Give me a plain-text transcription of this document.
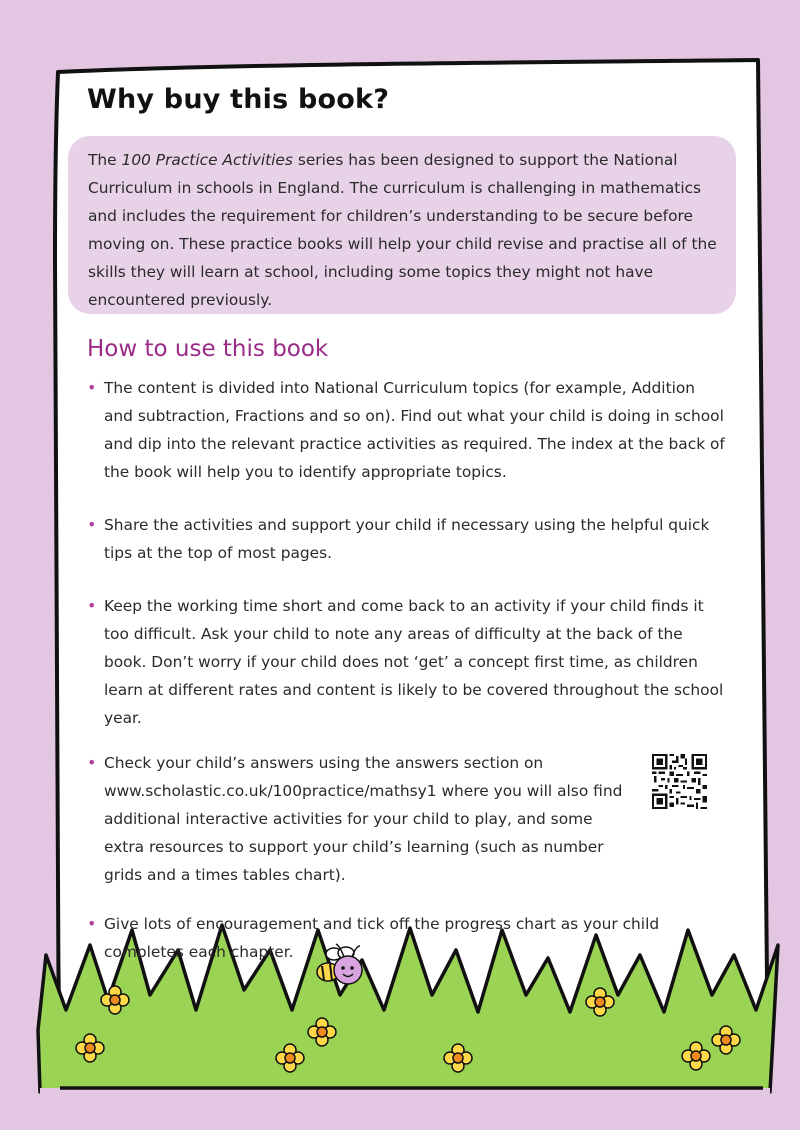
Why buy this book?
The 100 Practice Activities series has been designed to support the National Curriculum in schools in England. The curriculum is challenging in mathematics and includes the requirement for children’s understanding to be secure before moving on. These practice books will help your child revise and practise all of the skills they will learn at school, including some topics they might not have encountered previously.
How to use this book
• The content is divided into National Curriculum topics (for example, Addition and subtraction, Fractions and so on). Find out what your child is doing in school and dip into the relevant practice activities as required. The index at the back of the book will help you to identify appropriate topics.
• Share the activities and support your child if necessary using the helpful quick tips at the top of most pages.
• Keep the working time short and come back to an activity if your child finds it too difficult. Ask your child to note any areas of difficulty at the back of the book. Don’t worry if your child does not ‘get’ a concept first time, as children learn at different rates and content is likely to be covered throughout the school year.
• Check your child’s answers using the answers section on www.scholastic.co.uk/100practice/mathsy1 where you will also find additional interactive activities for your child to play, and some extra resources to support your child’s learning (such as number grids and a times tables chart).
• Give lots of encouragement and tick off the progress chart as your child completes each chapter.
